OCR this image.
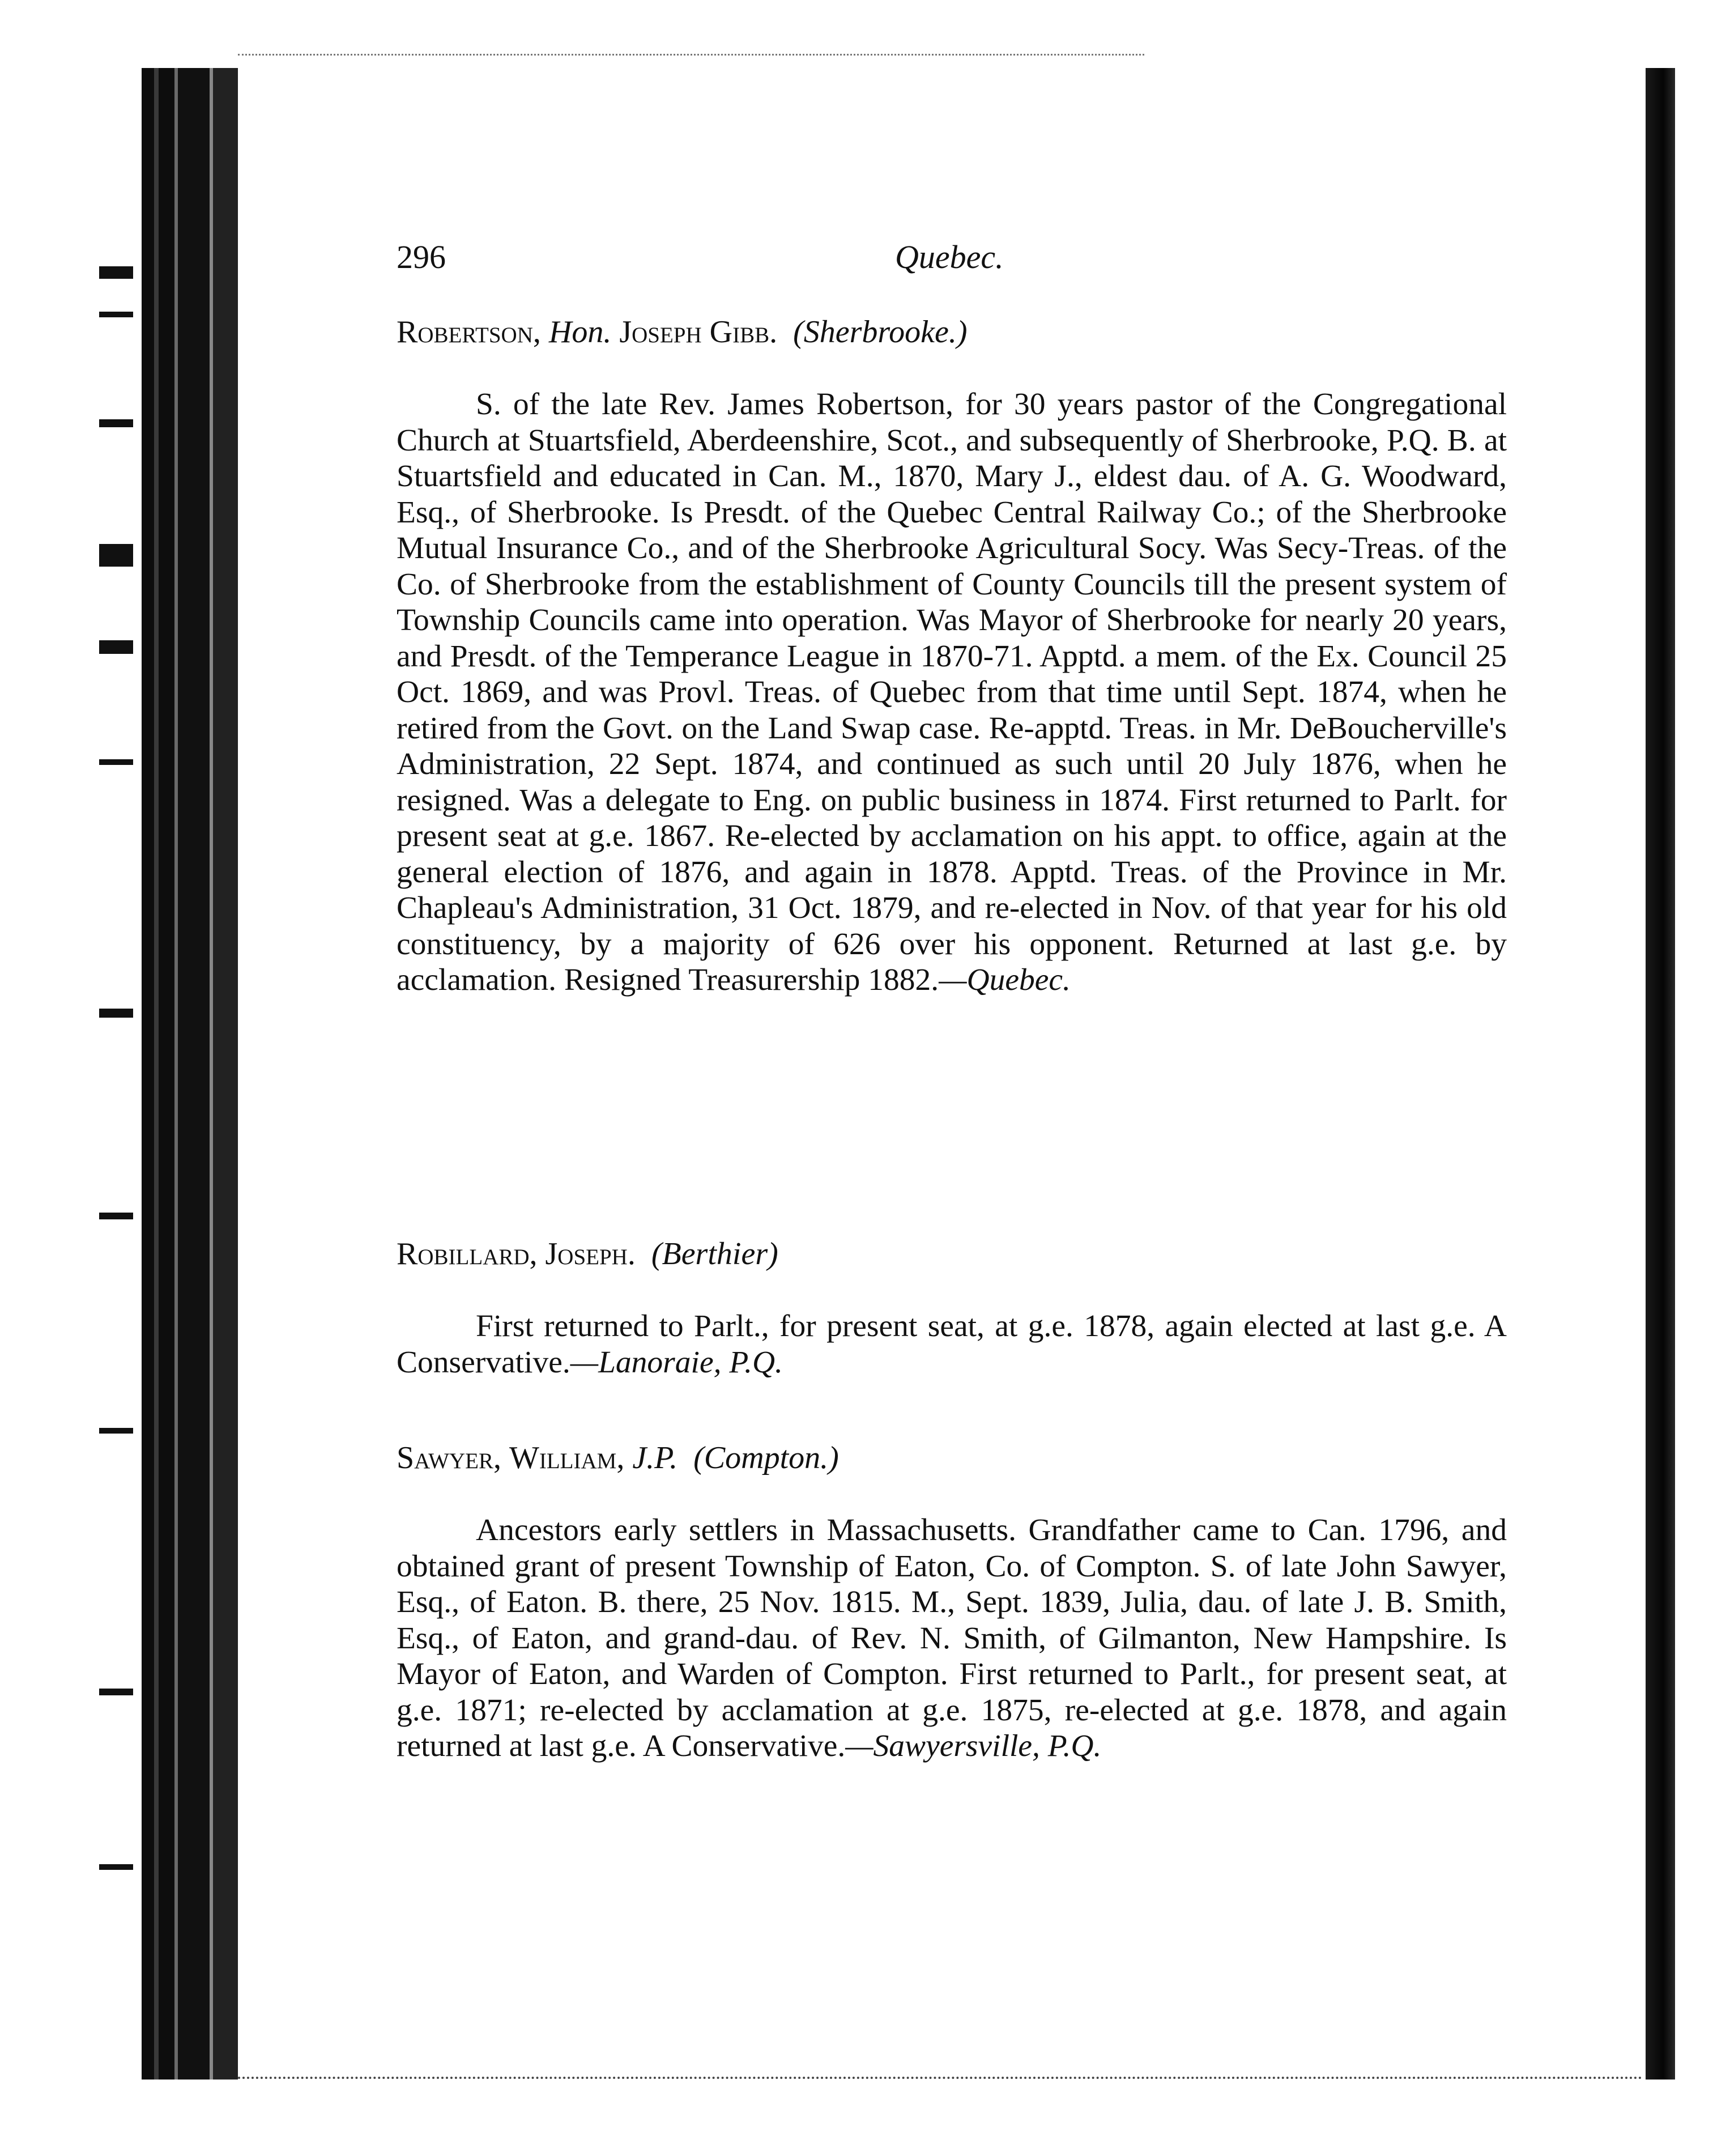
296	Quebec.
Robertson, Hon. Joseph Gibb. (Sherbrooke.)
S. of the late Rev. James Robertson, for 30 years pastor of the Congregational Church at Stuartsfield, Aberdeenshire, Scot., and subsequently of Sherbrooke, P.Q. B. at Stuartsfield and educated in Can. M., 1870, Mary J., eldest dau. of A. G. Woodward, Esq., of Sherbrooke. Is Presdt. of the Quebec Central Railway Co.; of the Sherbrooke Mutual Insurance Co., and of the Sherbrooke Agricultural Socy. Was Secy-Treas. of the Co. of Sherbrooke from the establishment of County Councils till the present system of Township Councils came into operation. Was Mayor of Sherbrooke for nearly 20 years, and Presdt. of the Temperance League in 1870-71. Apptd. a mem. of the Ex. Council 25 Oct. 1869, and was Provl. Treas. of Quebec from that time until Sept. 1874, when he retired from the Govt. on the Land Swap case. Re-apptd. Treas. in Mr. DeBoucherville's Administration, 22 Sept. 1874, and continued as such until 20 July 1876, when he resigned. Was a delegate to Eng. on public business in 1874. First returned to Parlt. for present seat at g.e. 1867. Re-elected by acclamation on his appt. to office, again at the general election of 1876, and again in 1878. Apptd. Treas. of the Province in Mr. Chapleau's Administration, 31 Oct. 1879, and re-elected in Nov. of that year for his old constituency, by a majority of 626 over his opponent. Returned at last g.e. by acclamation. Resigned Treasurership 1882.—Quebec.
Robillard, Joseph. (Berthier)
First returned to Parlt., for present seat, at g.e. 1878, again elected at last g.e. A Conservative.—Lanoraie, P.Q.
Sawyer, William, J.P. (Compton.)
Ancestors early settlers in Massachusetts. Grandfather came to Can. 1796, and obtained grant of present Township of Eaton, Co. of Compton. S. of late John Sawyer, Esq., of Eaton. B. there, 25 Nov. 1815. M., Sept. 1839, Julia, dau. of late J. B. Smith, Esq., of Eaton, and grand-dau. of Rev. N. Smith, of Gilmanton, New Hampshire. Is Mayor of Eaton, and Warden of Compton. First returned to Parlt., for present seat, at g.e. 1871; re-elected by acclamation at g.e. 1875, re-elected at g.e. 1878, and again returned at last g.e. A Conservative.—Sawyersville, P.Q.
